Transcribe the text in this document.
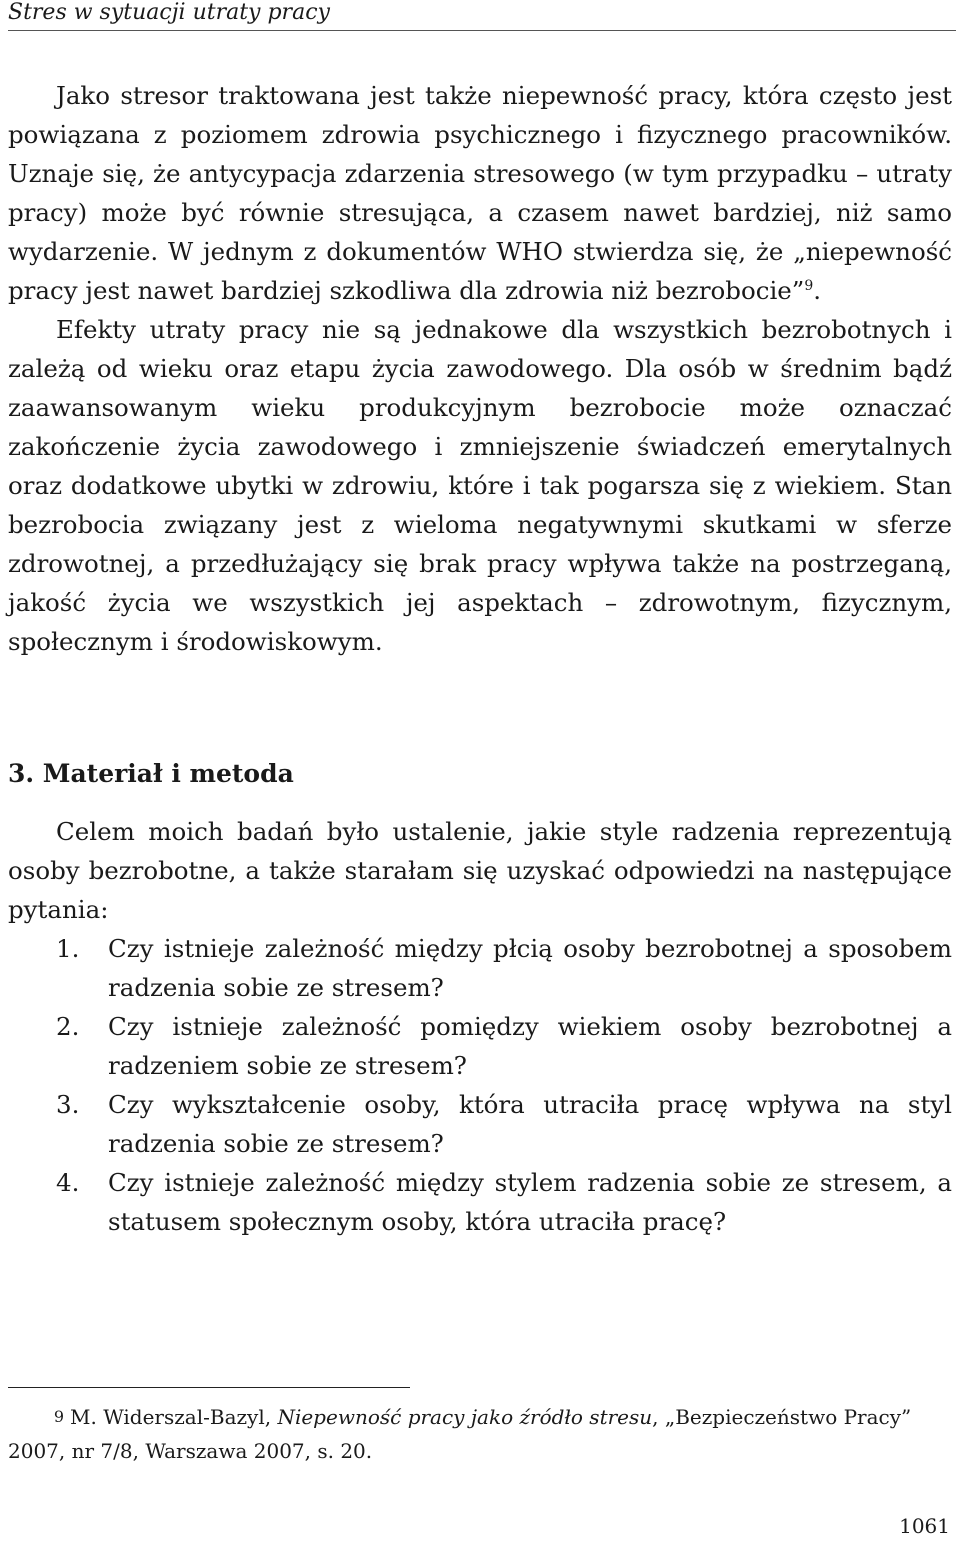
Stres w sytuacji utraty pracy

Jako stresor traktowana jest także niepewność pracy, która często jest powiązana z poziomem zdrowia psychicznego i fizycznego pracowników. Uznaje się, że antycypacja zdarzenia stresowego (w tym przypadku – utraty pracy) może być równie stresująca, a czasem nawet bardziej, niż samo wydarzenie. W jednym z dokumentów WHO stwierdza się, że „niepewność pracy jest nawet bardziej szkodliwa dla zdrowia niż bezrobocie”$^9$.

Efekty utraty pracy nie są jednakowe dla wszystkich bezrobotnych i zależą od wieku oraz etapu życia zawodowego. Dla osób w średnim bądź zaawansowanym wieku produkcyjnym bezrobocie może oznaczać zakończenie życia zawodowego i zmniejszenie świadczeń emerytalnych oraz dodatkowe ubytki w zdrowiu, które i tak pogarsza się z wiekiem. Stan bezrobocia związany jest z wieloma negatywnymi skutkami w sferze zdrowotnej, a przedłużający się brak pracy wpływa także na postrzeganą, jakość życia we wszystkich jej aspektach – zdrowotnym, fizycznym, społecznym i środowiskowym.

3. Materiał i metoda
Celem moich badań było ustalenie, jakie style radzenia reprezentują osoby bezrobotne, a także starałam się uzyskać odpowiedzi na następujące pytania:
1. Czy istnieje zależność między płcią osoby bezrobotnej a sposobem radzenia sobie ze stresem?
2. Czy istnieje zależność pomiędzy wiekiem osoby bezrobotnej a radzeniem sobie ze stresem?
3. Czy wykształcenie osoby, która utraciła pracę wpływa na styl radzenia sobie ze stresem?
4. Czy istnieje zależność między stylem radzenia sobie ze stresem, a statusem społecznym osoby, która utraciła pracę?
9 M. Widerszal-Bazyl, Niepewność pracy jako źródło stresu, „Bezpieczeństwo Pracy” 2007, nr 7/8, Warszawa 2007, s. 20.
1061
